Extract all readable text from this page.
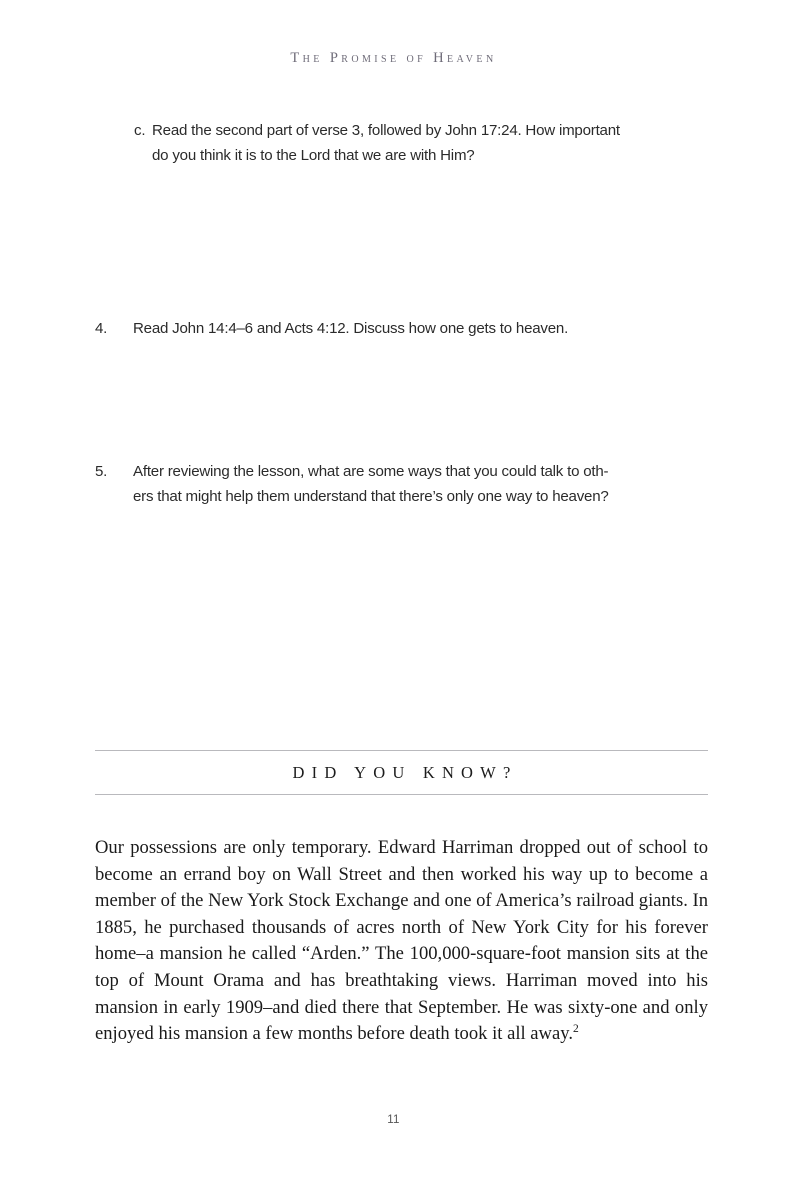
The Promise of Heaven
c. Read the second part of verse 3, followed by John 17:24. How important
do you think it is to the Lord that we are with Him?
4.	Read John 14:4–6 and Acts 4:12. Discuss how one gets to heaven.
5.	After reviewing the lesson, what are some ways that you could talk to oth-
ers that might help them understand that there’s only one way to heaven?
DID YOU KNOW?
Our possessions are only temporary. Edward Harriman dropped out of school to become an errand boy on Wall Street and then worked his way up to become a member of the New York Stock Exchange and one of America’s railroad giants. In 1885, he purchased thousands of acres north of New York City for his forever home–a mansion he called “Arden.” The 100,000-square-foot mansion sits at the top of Mount Orama and has breathtaking views. Harriman moved into his mansion in early 1909–and died there that September. He was sixty-one and only enjoyed his mansion a few months before death took it all away.$^2$
11
